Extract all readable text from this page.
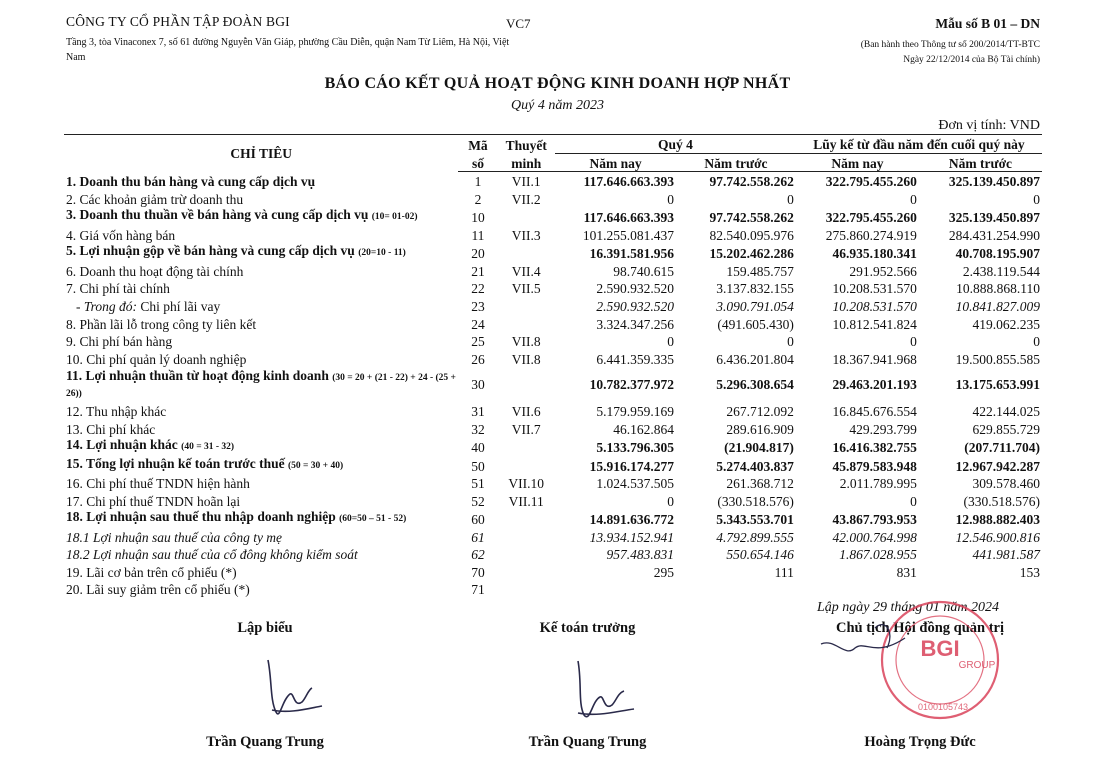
CÔNG TY CỔ PHẦN TẬP ĐOÀN BGI
Tầng 3, tòa Vinaconex 7, số 61 đường Nguyễn Văn Giáp, phường Cầu Diễn, quận Nam Từ Liêm, Hà Nội, Việt
Nam
VC7	Mẫu số B 01 – DN
(Ban hành theo Thông tư số 200/2014/TT-BTC
Ngày 22/12/2014 của Bộ Tài chính)
BÁO CÁO KẾT QUẢ HOẠT ĐỘNG KINH DOANH HỢP NHẤT
Quý 4 năm 2023
Đơn vị tính: VND
CHỈ TIÊU	Mã	Thuyết	Quý 4		Lũy kế từ đầu năm đến cuối quý này	
	số	minh	Năm nay	Năm trước	Năm nay	Năm trước
1. Doanh thu bán hàng và cung cấp dịch vụ	1	VII.1	117.646.663.393	97.742.558.262	322.795.455.260	325.139.450.897
2. Các khoản giảm trừ doanh thu	2	VII.2	0	0	0	0
3. Doanh thu thuần về bán hàng và cung cấp dịch vụ (10= 01-02)	10		117.646.663.393	97.742.558.262	322.795.455.260	325.139.450.897
4. Giá vốn hàng bán	11	VII.3	101.255.081.437	82.540.095.976	275.860.274.919	284.431.254.990
5. Lợi nhuận gộp về bán hàng và cung cấp dịch vụ (20=10 - 11)	20		16.391.581.956	15.202.462.286	46.935.180.341	40.708.195.907
6. Doanh thu hoạt động tài chính	21	VII.4	98.740.615	159.485.757	291.952.566	2.438.119.544
7. Chi phí tài chính	22	VII.5	2.590.932.520	3.137.832.155	10.208.531.570	10.888.868.110
- Trong đó: Chi phí lãi vay	23		2.590.932.520	3.090.791.054	10.208.531.570	10.841.827.009
8. Phần lãi lỗ trong công ty liên kết	24		3.324.347.256	(491.605.430)	10.812.541.824	419.062.235
9. Chi phí bán hàng	25	VII.8	0	0	0	0
10. Chi phí quản lý doanh nghiệp	26	VII.8	6.441.359.335	6.436.201.804	18.367.941.968	19.500.855.585
11. Lợi nhuận thuần từ hoạt động kinh doanh (30 = 20 + (21 - 22) + 24 - (25 + 26))	30		10.782.377.972	5.296.308.654	29.463.201.193	13.175.653.991
12. Thu nhập khác	31	VII.6	5.179.959.169	267.712.092	16.845.676.554	422.144.025
13. Chi phí khác	32	VII.7	46.162.864	289.616.909	429.293.799	629.855.729
14. Lợi nhuận khác (40 = 31 - 32)	40		5.133.796.305	(21.904.817)	16.416.382.755	(207.711.704)
15. Tổng lợi nhuận kế toán trước thuế (50 = 30 + 40)	50		15.916.174.277	5.274.403.837	45.879.583.948	12.967.942.287
16. Chi phí thuế TNDN hiện hành	51	VII.10	1.024.537.505	261.368.712	2.011.789.995	309.578.460
17. Chi phí thuế TNDN hoãn lại	52	VII.11	0	(330.518.576)	0	(330.518.576)
18. Lợi nhuận sau thuế thu nhập doanh nghiệp (60=50 – 51 - 52)	60		14.891.636.772	5.343.553.701	43.867.793.953	12.988.882.403
18.1 Lợi nhuận sau thuế của công ty mẹ	61		13.934.152.941	4.792.899.555	42.000.764.998	12.546.900.816
18.2 Lợi nhuận sau thuế của cổ đông không kiểm soát	62		957.483.831	550.654.146	1.867.028.955	441.981.587
19. Lãi cơ bản trên cổ phiếu (*)	70		295	111	831	153
20. Lãi suy giảm trên cổ phiếu (*)	71					
Lập ngày 29 tháng 01 năm 2024
Lập biểu	Kế toán trưởng	Chủ tịch Hội đồng quản trị
BGI
GROUP
0100105743
Trần Quang Trung	Trần Quang Trung	Hoàng Trọng Đức
